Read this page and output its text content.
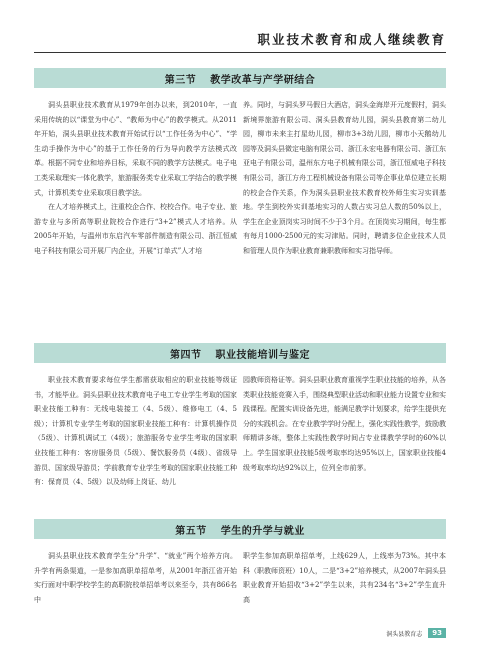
职业技术教育和成人继续教育
第三节 教学改革与产学研结合

洞头县职业技术教育从1979年创办以来，到2010年，一直采用传统的以“课堂为中心”、“教师为中心”的教学模式。从2011年开始，洞头县职业技术教育开始试行以“工作任务为中心”、“学生动手操作为中心”的基于工作任务的行为导向教学方法模式改革。根据不同专业和培养目标，采取不同的教学方法模式。电子电工类采取理实一体化教学，旅游服务类专业采取工学结合的教学模式，计算机类专业采取项目教学法。

在人才培养模式上，注重校企合作、校校合作。电子专业、旅游专业与多所高等职业院校合作进行“3+2”模式人才培养。从2005年开始，与温州市东启汽车零部件制造有限公司、浙江恒威电子科技有限公司开展厂内企业，开展“订单式”人才培

养。同时，与洞头罗马假日大酒店，洞头金海岸开元度假村，洞头新境界旅游有限公司、洞头县教育幼儿园，洞头县教育第二幼儿园，柳市未来主打星幼儿园，柳市3+3幼儿园，柳市小天鹅幼儿园等及洞头县微定电脑有限公司、浙江永宏电器有限公司、浙江东亚电子有限公司，温州东方电子机械有限公司，浙江恒威电子科技有限公司，浙江方舟工程机械设备有限公司等企事业单位建立长期的校企合作关系，作为洞头县职业技术教育校外师生实习实训基地。学生到校外实训基地实习的人数占实习总人数的50%以上，学生在企业顶岗实习时间不少于3个月。在顶岗实习期间，每生都有每月1000-2500元的实习津贴。同时，聘请多位企业技术人员和管理人员作为职业教育兼职教师和实习指导师。

第四节 职业技能培训与鉴定

职业技术教育要求每位学生都需获取相应的职业技能等级证书，才能毕业。洞头县职业技术教育电子电工专业学生考取的国家职业技能工种有：无线电装接工（4、5级）、维修电工（4、5级）；计算机专业学生考取的国家职业技能工种有：计算机操作员（5级）、计算机调试工（4级）；旅游服务专业学生考取的国家职业技能工种有：客房服务员（5级）、餐饮服务员（4级）、省级导游员、国家级导游员；学前教育专业学生考取的国家职业技能工种有：保育员（4、5级）以及幼师上岗证、幼儿

园教师资格证等。洞头县职业教育重视学生职业技能的培养，从各类职业技能竞赛入手，围绕典型职业活动和职业能力设置专业和实践课程。配置实训设备先进，能满足教学计划要求，给学生提供充分的实践机会。在专业教学学时分配上，强化实践性教学，鼓励教师精讲多练，整体上实践性教学时间占专业课教学学时的60%以上。学生国家职业技能5级考取率均达95%以上，国家职业技能4级考取率均达92%以上，位列全市前茅。

第五节 学生的升学与就业

洞头县职业技术教育学生分“升学”、“就业”两个培养方向。升学有两条渠道，一是参加高职单招单考，从2001年浙江省开始实行面对中职学校学生的高职院校单招单考以来至今，共有866名中

职学生参加高职单招单考，上线629人，上线率为73%。其中本科（职教师资班）10人，二是“3+2”培养模式，从2007年洞头县职业教育开始招收“3+2”学生以来，共有234名“3+2”学生直升高

洞头县教育志	93
